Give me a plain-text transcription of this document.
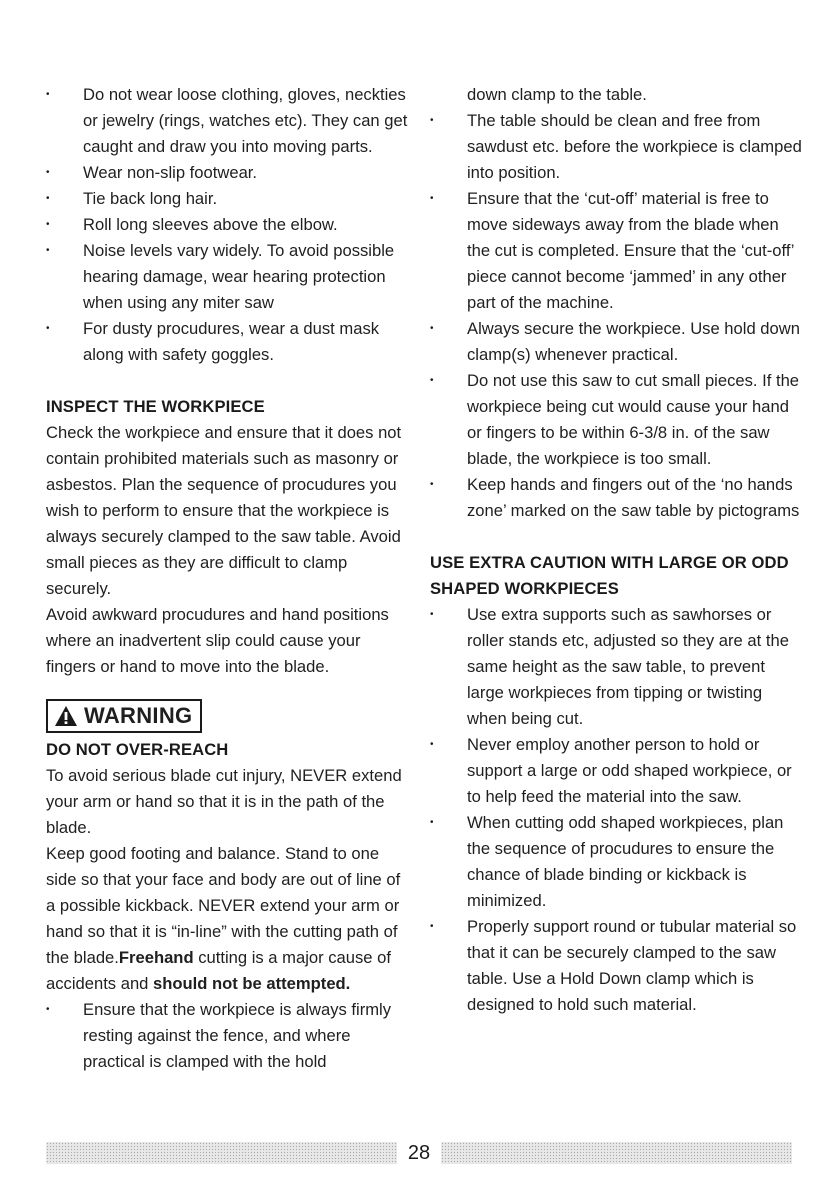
• Do not wear loose clothing, gloves, neckties or jewelry (rings, watches etc). They can get caught and draw you into moving parts.
• Wear non-slip footwear.
• Tie back long hair.
• Roll long sleeves above the elbow.
• Noise levels vary widely. To avoid possible hearing damage, wear hearing protection when using any miter saw
• For dusty procudures, wear a dust mask along with safety goggles.
INSPECT THE WORKPIECE

Check the workpiece and ensure that it does not contain prohibited materials such as masonry or asbestos. Plan the sequence of procudures you wish to perform to ensure that the workpiece is always securely clamped to the saw table. Avoid small pieces as they are difficult to clamp securely.

Avoid awkward procudures and hand positions where an inadvertent slip could cause your fingers or hand to move into the blade.

WARNING
DO NOT OVER-REACH

To avoid serious blade cut injury, NEVER extend your arm or hand so that it is in the path of the blade.

Keep good footing and balance. Stand to one side so that your face and body are out of line of a possible kickback. NEVER extend your arm or hand so that it is “in-line” with the cutting path of the blade.Freehand cutting is a major cause of accidents and should not be attempted.

• Ensure that the workpiece is always firmly resting against the fence, and where practical is clamped with the hold
down clamp to the table.
• The table should be clean and free from sawdust etc. before the workpiece is clamped into position.
• Ensure that the ‘cut-off’ material is free to move sideways away from the blade when the cut is completed. Ensure that the ‘cut-off’ piece cannot become ‘jammed’ in any other part of the machine.
• Always secure the workpiece. Use hold down clamp(s) whenever practical.
• Do not use this saw to cut small pieces. If the workpiece being cut would cause your hand or fingers to be within 6-3/8 in. of the saw blade, the workpiece is too small.
• Keep hands and fingers out of the ‘no hands zone’ marked on the saw table by pictograms
USE EXTRA CAUTION WITH LARGE OR ODD SHAPED WORKPIECES
• Use extra supports such as sawhorses or roller stands etc, adjusted so they are at the same height as the saw table, to prevent large workpieces from tipping or twisting when being cut.
• Never employ another person to hold or support a large or odd shaped workpiece, or to help feed the material into the saw.
• When cutting odd shaped workpieces, plan the sequence of procudures to ensure the chance of blade binding or kickback is minimized.
• Properly support round or tubular material so that it can be securely clamped to the saw table. Use a Hold Down clamp which is designed to hold such material.
28
